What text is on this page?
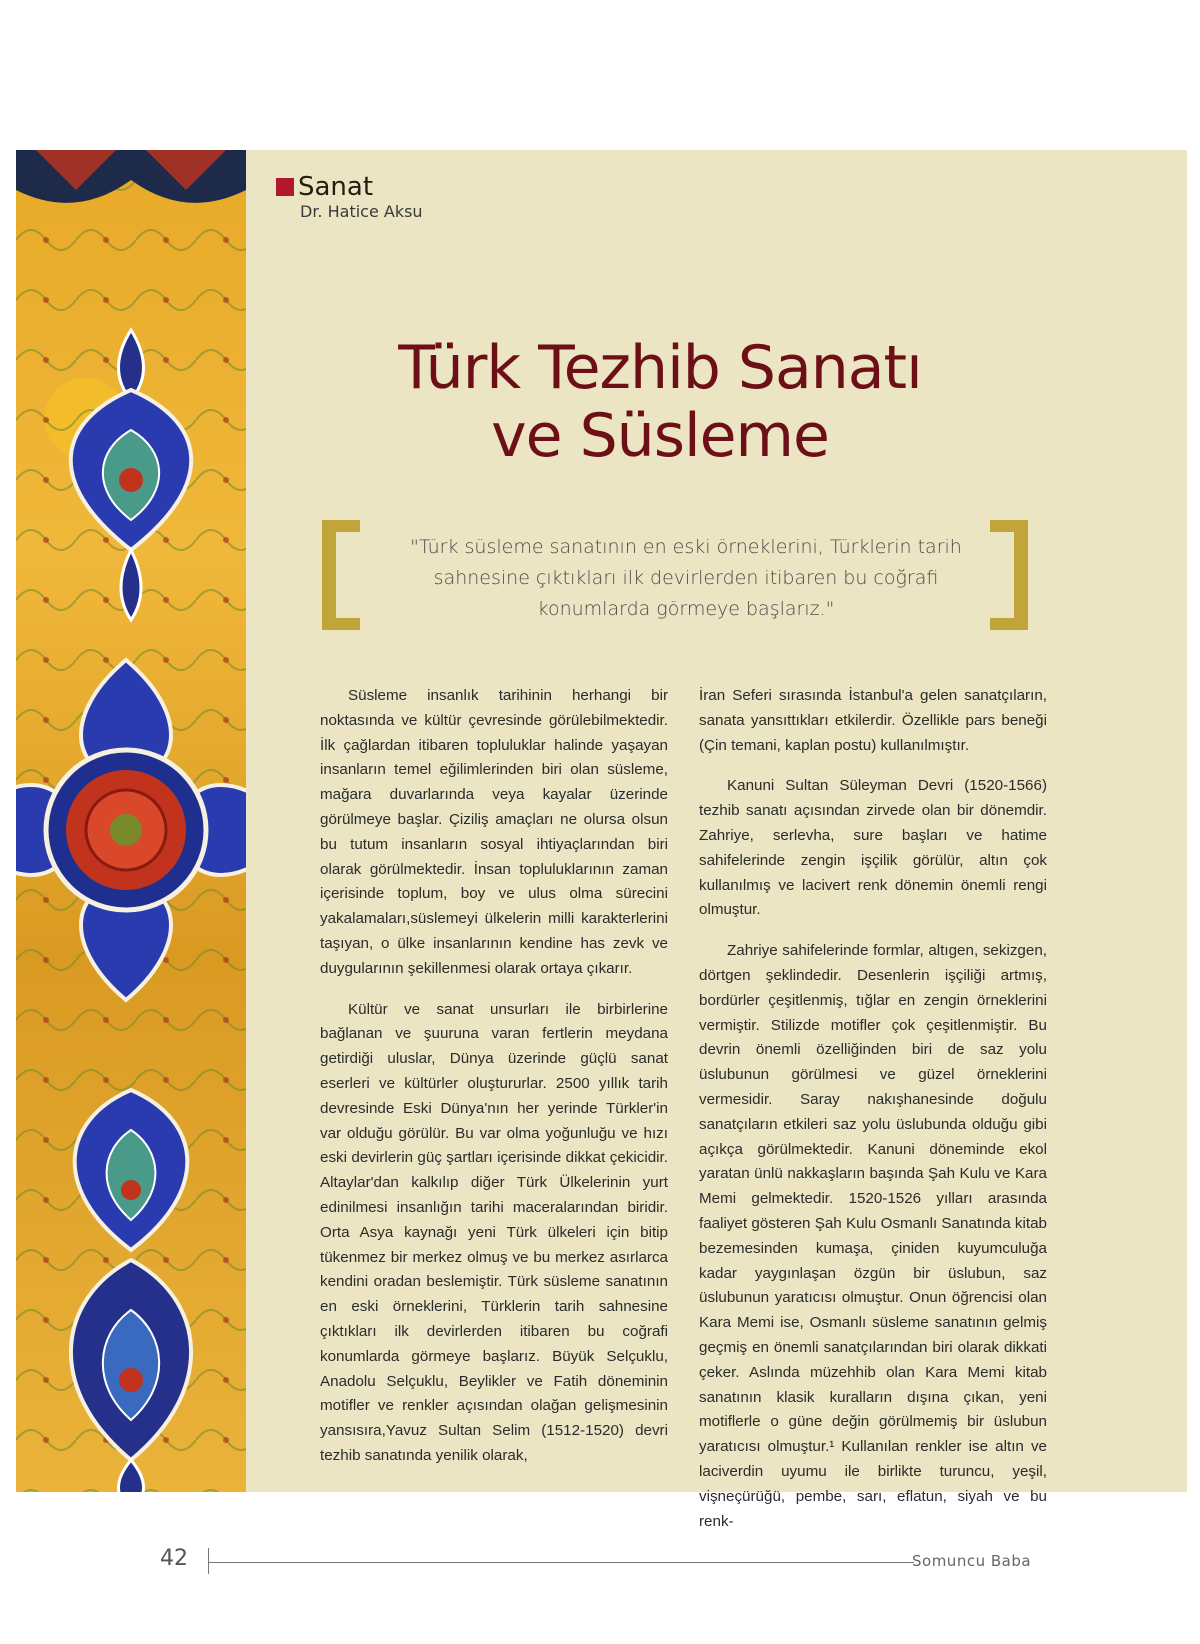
Sanat
Dr. Hatice Aksu
Türk Tezhib Sanatı
ve Süsleme
"Türk süsleme sanatının en eski örneklerini, Türklerin tarih sahnesine çıktıkları ilk devirlerden itibaren bu coğrafi konumlarda görmeye başlarız."

Süsleme insanlık tarihinin herhangi bir noktasında ve kültür çevresinde görülebilmektedir. İlk çağlardan itibaren topluluklar halinde yaşayan insanların temel eğilimlerinden biri olan süsleme, mağara duvarlarında veya kayalar üzerinde görülmeye başlar. Çiziliş amaçları ne olursa olsun bu tutum insanların sosyal ihtiyaçlarından biri olarak görülmektedir. İnsan topluluklarının zaman içerisinde toplum, boy ve ulus olma sürecini yakalamaları,süslemeyi ülkelerin milli karakterlerini taşıyan, o ülke insanlarının kendine has zevk ve duygularının şekillenmesi olarak ortaya çıkarır.

Kültür ve sanat unsurları ile birbirlerine bağlanan ve şuuruna varan fertlerin meydana getirdiği uluslar, Dünya üzerinde güçlü sanat eserleri ve kültürler oluştururlar. 2500 yıllık tarih devresinde Eski Dünya'nın her yerinde Türkler'in var olduğu görülür. Bu var olma yoğunluğu ve hızı eski devirlerin güç şartları içerisinde dikkat çekicidir. Altaylar'dan kalkılıp diğer Türk Ülkelerinin yurt edinilmesi insanlığın tarihi maceralarından biridir. Orta Asya kaynağı yeni Türk ülkeleri için bitip tükenmez bir merkez olmuş ve bu merkez asırlarca kendini oradan beslemiştir. Türk süsleme sanatının en eski örneklerini, Türklerin tarih sahnesine çıktıkları ilk devirlerden itibaren bu coğrafi konumlarda görmeye başlarız. Büyük Selçuklu, Anadolu Selçuklu, Beylikler ve Fatih döneminin motifler ve renkler açısından olağan gelişmesinin yansısıra,Yavuz Sultan Selim (1512-1520) devri tezhib sanatında yenilik olarak,

İran Seferi sırasında İstanbul'a gelen sanatçıların, sanata yansıttıkları etkilerdir. Özellikle pars beneği (Çin temani, kaplan postu) kullanılmıştır.

Kanuni Sultan Süleyman Devri (1520-1566) tezhib sanatı açısından zirvede olan bir dönemdir. Zahriye, serlevha, sure başları ve hatime sahifelerinde zengin işçilik görülür, altın çok kullanılmış ve lacivert renk dönemin önemli rengi olmuştur.

Zahriye sahifelerinde formlar, altıgen, sekizgen, dörtgen şeklindedir. Desenlerin işçiliği artmış, bordürler çeşitlenmiş, tığlar en zengin örneklerini vermiştir. Stilizde motifler çok çeşitlenmiştir. Bu devrin önemli özelliğinden biri de saz yolu üslubunun görülmesi ve güzel örneklerini vermesidir. Saray nakışhanesinde doğulu sanatçıların etkileri saz yolu üslubunda olduğu gibi açıkça görülmektedir. Kanuni döneminde ekol yaratan ünlü nakkaşların başında Şah Kulu ve Kara Memi gelmektedir. 1520-1526 yılları arasında faaliyet gösteren Şah Kulu Osmanlı Sanatında kitab bezemesinden kumaşa, çiniden kuyumculuğa kadar yaygınlaşan özgün bir üslubun, saz üslubunun yaratıcısı olmuştur. Onun öğrencisi olan Kara Memi ise, Osmanlı süsleme sanatının gelmiş geçmiş en önemli sanatçılarından biri olarak dikkati çeker. Aslında müzehhib olan Kara Memi kitab sanatının klasik kuralların dışına çıkan, yeni motiflerle o güne değin görülmemiş bir üslubun yaratıcısı olmuştur.¹ Kullanılan renkler ise altın ve laciverdin uyumu ile birlikte turuncu, yeşil, vişneçürüğü, pembe, sarı, eflatun, siyah ve bu renk-

42	Somuncu Baba
